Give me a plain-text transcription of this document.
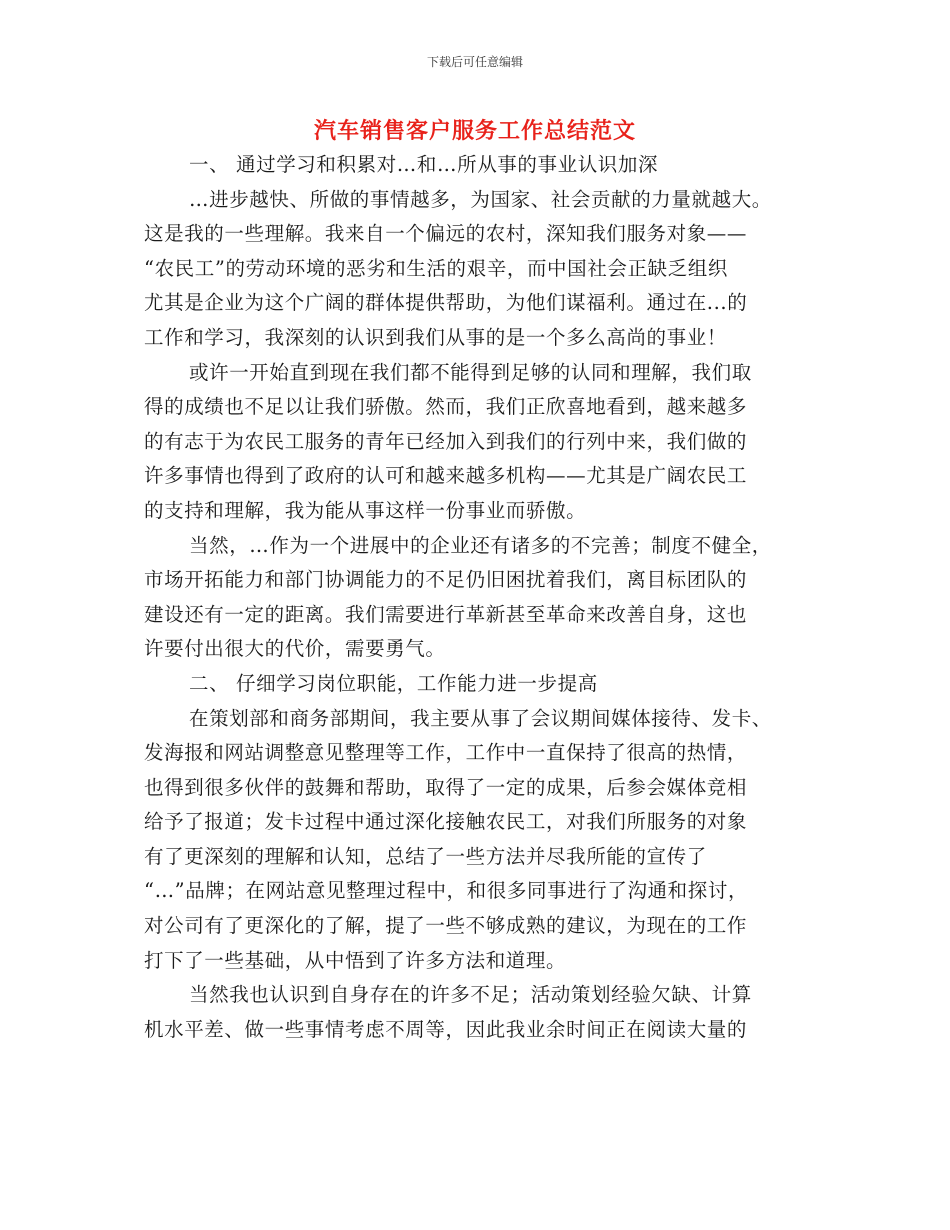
下载后可任意编辑
汽车销售客户服务工作总结范文
一、 通过学习和积累对…和…所从事的事业认识加深
…进步越快、所做的事情越多，为国家、社会贡献的力量就越大。
这是我的一些理解。我来自一个偏远的农村，深知我们服务对象——
“农民工”的劳动环境的恶劣和生活的艰辛，而中国社会正缺乏组织
尤其是企业为这个广阔的群体提供帮助，为他们谋福利。通过在...的
工作和学习，我深刻的认识到我们从事的是一个多么高尚的事业！
或许一开始直到现在我们都不能得到足够的认同和理解，我们取
得的成绩也不足以让我们骄傲。然而，我们正欣喜地看到，越来越多
的有志于为农民工服务的青年已经加入到我们的行列中来，我们做的
许多事情也得到了政府的认可和越来越多机构——尤其是广阔农民工
的支持和理解，我为能从事这样一份事业而骄傲。
当然，…作为一个进展中的企业还有诸多的不完善；制度不健全，
市场开拓能力和部门协调能力的不足仍旧困扰着我们，离目标团队的
建设还有一定的距离。我们需要进行革新甚至革命来改善自身，这也
许要付出很大的代价，需要勇气。
二、 仔细学习岗位职能，工作能力进一步提高
在策划部和商务部期间，我主要从事了会议期间媒体接待、发卡、
发海报和网站调整意见整理等工作，工作中一直保持了很高的热情，
也得到很多伙伴的鼓舞和帮助，取得了一定的成果，后参会媒体竞相
给予了报道；发卡过程中通过深化接触农民工，对我们所服务的对象
有了更深刻的理解和认知，总结了一些方法并尽我所能的宣传了
“…”品牌；在网站意见整理过程中，和很多同事进行了沟通和探讨，
对公司有了更深化的了解，提了一些不够成熟的建议，为现在的工作
打下了一些基础，从中悟到了许多方法和道理。
当然我也认识到自身存在的许多不足；活动策划经验欠缺、计算
机水平差、做一些事情考虑不周等，因此我业余时间正在阅读大量的
